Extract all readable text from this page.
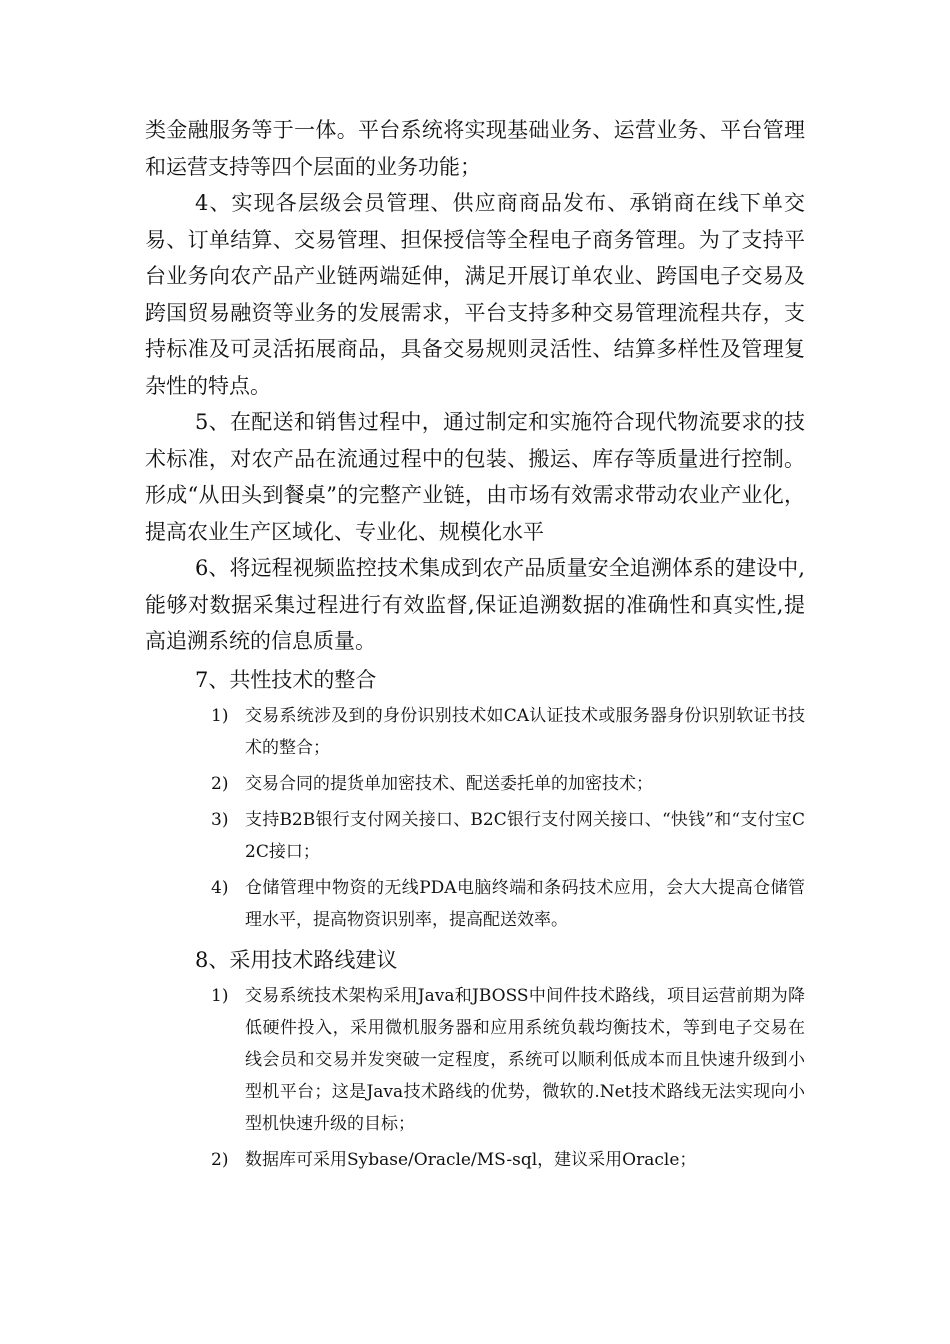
类金融服务等于一体。平台系统将实现基础业务、运营业务、平台管理和运营支持等四个层面的业务功能；

4、实现各层级会员管理、供应商商品发布、承销商在线下单交易、订单结算、交易管理、担保授信等全程电子商务管理。为了支持平台业务向农产品产业链两端延伸，满足开展订单农业、跨国电子交易及跨国贸易融资等业务的发展需求，平台支持多种交易管理流程共存，支持标准及可灵活拓展商品，具备交易规则灵活性、结算多样性及管理复杂性的特点。

5、在配送和销售过程中，通过制定和实施符合现代物流要求的技术标准，对农产品在流通过程中的包装、搬运、库存等质量进行控制。形成“从田头到餐桌”的完整产业链，由市场有效需求带动农业产业化，提高农业生产区域化、专业化、规模化水平

6、将远程视频监控技术集成到农产品质量安全追溯体系的建设中,能够对数据采集过程进行有效监督,保证追溯数据的准确性和真实性,提高追溯系统的信息质量。

7、共性技术的整合

1) 交易系统涉及到的身份识别技术如CA认证技术或服务器身份识别软证书技术的整合；
2) 交易合同的提货单加密技术、配送委托单的加密技术；
3) 支持B2B银行支付网关接口、B2C银行支付网关接口、“快钱”和“支付宝C2C接口；
4) 仓储管理中物资的无线PDA电脑终端和条码技术应用，会大大提高仓储管理水平，提高物资识别率，提高配送效率。

8、采用技术路线建议

1) 交易系统技术架构采用Java和JBOSS中间件技术路线，项目运营前期为降低硬件投入，采用微机服务器和应用系统负载均衡技术，等到电子交易在线会员和交易并发突破一定程度，系统可以顺利低成本而且快速升级到小型机平台；这是Java技术路线的优势，微软的.Net技术路线无法实现向小型机快速升级的目标；
2) 数据库可采用Sybase/Oracle/MS-sql，建议采用Oracle；
